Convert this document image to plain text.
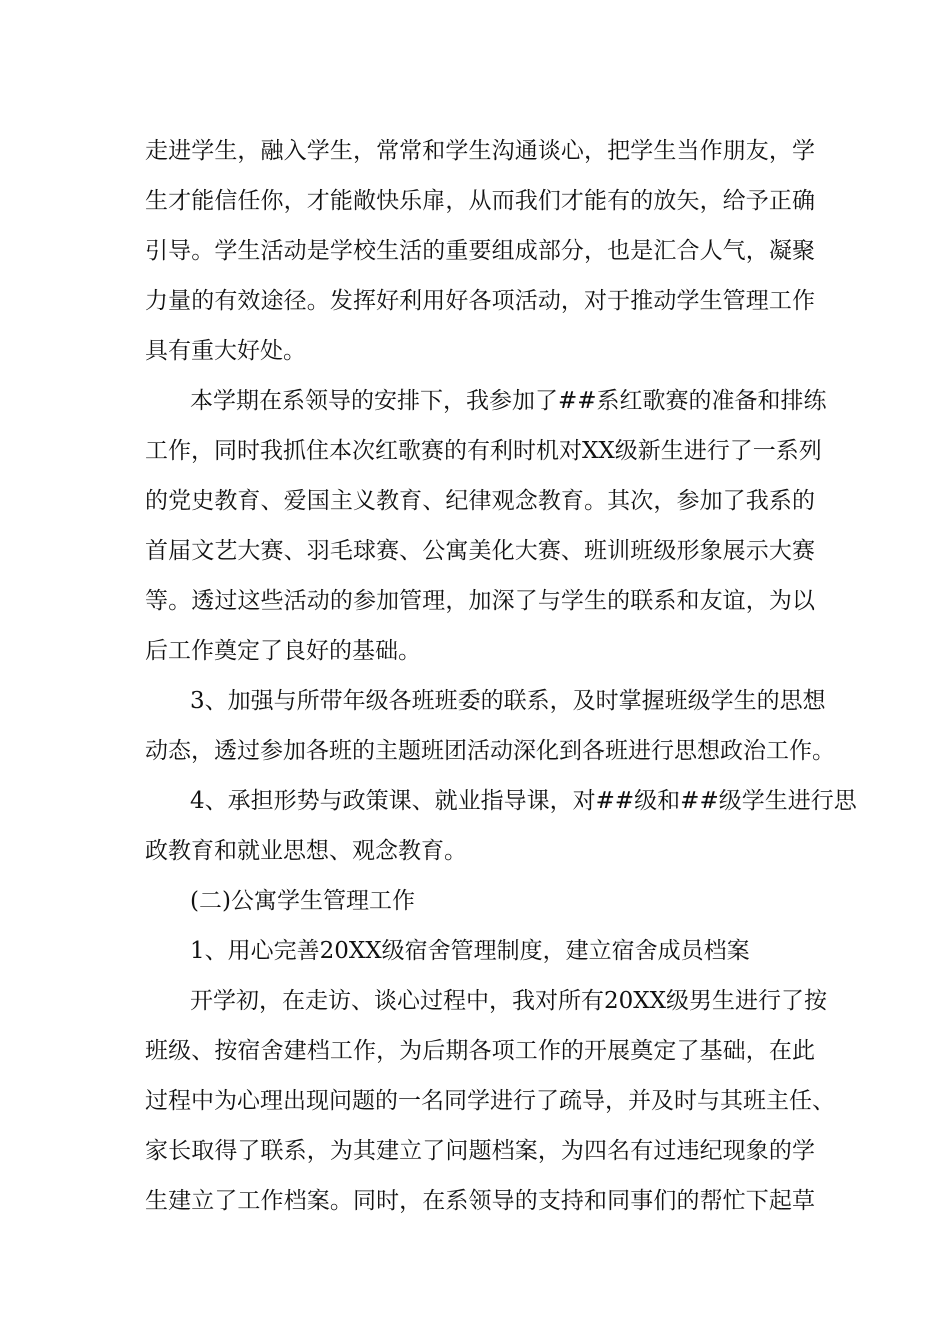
走进学生，融入学生，常常和学生沟通谈心，把学生当作朋友，学
生才能信任你，才能敞快乐扉，从而我们才能有的放矢，给予正确
引导。学生活动是学校生活的重要组成部分，也是汇合人气，凝聚
力量的有效途径。发挥好利用好各项活动，对于推动学生管理工作
具有重大好处。
本学期在系领导的安排下，我参加了##系红歌赛的准备和排练
工作，同时我抓住本次红歌赛的有利时机对XX级新生进行了一系列
的党史教育、爱国主义教育、纪律观念教育。其次，参加了我系的
首届文艺大赛、羽毛球赛、公寓美化大赛、班训班级形象展示大赛
等。透过这些活动的参加管理，加深了与学生的联系和友谊，为以
后工作奠定了良好的基础。
3、加强与所带年级各班班委的联系，及时掌握班级学生的思想
动态，透过参加各班的主题班团活动深化到各班进行思想政治工作。
4、承担形势与政策课、就业指导课，对##级和##级学生进行思
政教育和就业思想、观念教育。
(二)公寓学生管理工作
1、用心完善20XX级宿舍管理制度，建立宿舍成员档案
开学初，在走访、谈心过程中，我对所有20XX级男生进行了按
班级、按宿舍建档工作，为后期各项工作的开展奠定了基础，在此
过程中为心理出现问题的一名同学进行了疏导，并及时与其班主任、
家长取得了联系，为其建立了问题档案，为四名有过违纪现象的学
生建立了工作档案。同时，在系领导的支持和同事们的帮忙下起草
